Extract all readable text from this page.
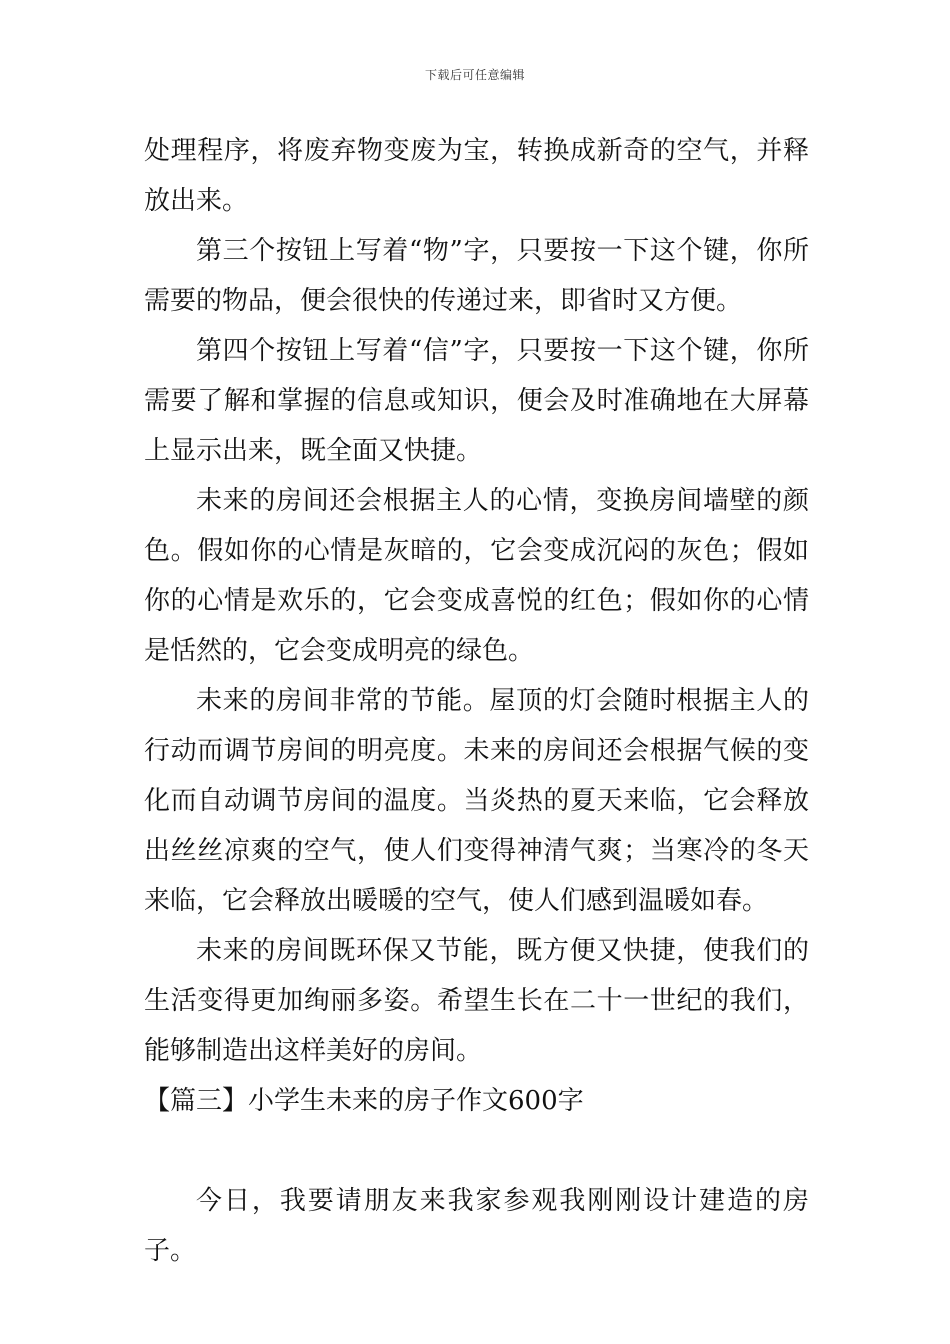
下载后可任意编辑

处理程序，将废弃物变废为宝，转换成新奇的空气，并释放出来。

第三个按钮上写着“物”字，只要按一下这个键，你所需要的物品，便会很快的传递过来，即省时又方便。

第四个按钮上写着“信”字，只要按一下这个键，你所需要了解和掌握的信息或知识，便会及时准确地在大屏幕上显示出来，既全面又快捷。

未来的房间还会根据主人的心情，变换房间墙壁的颜色。假如你的心情是灰暗的，它会变成沉闷的灰色；假如你的心情是欢乐的，它会变成喜悦的红色；假如你的心情是恬然的，它会变成明亮的绿色。

未来的房间非常的节能。屋顶的灯会随时根据主人的行动而调节房间的明亮度。未来的房间还会根据气候的变化而自动调节房间的温度。当炎热的夏天来临，它会释放出丝丝凉爽的空气，使人们变得神清气爽；当寒冷的冬天来临，它会释放出暖暖的空气，使人们感到温暖如春。

未来的房间既环保又节能，既方便又快捷，使我们的生活变得更加绚丽多姿。希望生长在二十一世纪的我们，能够制造出这样美好的房间。

【篇三】小学生未来的房子作文600字

今日，我要请朋友来我家参观我刚刚设计建造的房子。
